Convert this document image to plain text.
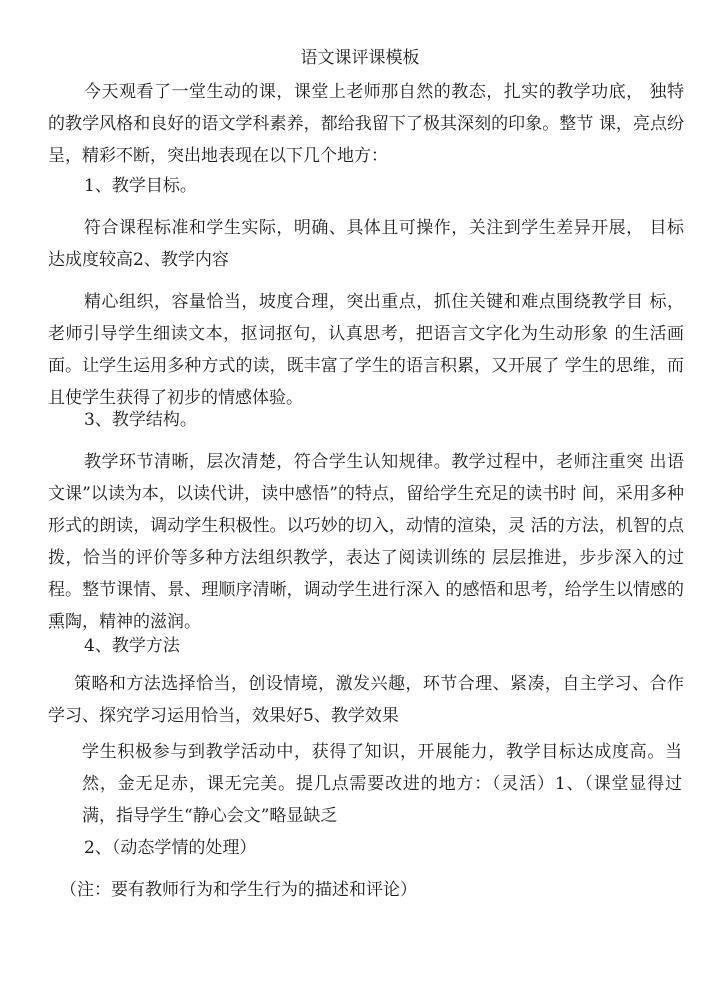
语文课评课模板

今天观看了一堂生动的课，课堂上老师那自然的教态，扎实的教学功底， 独特的教学风格和良好的语文学科素养，都给我留下了极其深刻的印象。整节 课，亮点纷呈，精彩不断，突出地表现在以下几个地方：

1、教学目标。

符合课程标准和学生实际，明确、具体且可操作，关注到学生差异开展， 目标达成度较高2、教学内容

精心组织，容量恰当，坡度合理，突出重点，抓住关键和难点围绕教学目 标，老师引导学生细读文本，抠词抠句，认真思考，把语言文字化为生动形象 的生活画面。让学生运用多种方式的读，既丰富了学生的语言积累，又开展了 学生的思维，而且使学生获得了初步的情感体验。

3、教学结构。

教学环节清晰，层次清楚，符合学生认知规律。教学过程中，老师注重突 出语文课”以读为本，以读代讲，读中感悟”的特点，留给学生充足的读书时 间，采用多种形式的朗读，调动学生积极性。以巧妙的切入，动情的渲染，灵 活的方法，机智的点拨，恰当的评价等多种方法组织教学，表达了阅读训练的 层层推进，步步深入的过程。整节课情、景、理顺序清晰，调动学生进行深入 的感悟和思考，给学生以情感的熏陶，精神的滋润。

4、教学方法

策略和方法选择恰当，创设情境，激发兴趣，环节合理、紧凑，自主学习、合作学习、探究学习运用恰当，效果好5、教学效果

学生积极参与到教学活动中，获得了知识，开展能力，教学目标达成度高。当然，金无足赤，课无完美。提几点需要改进的地方：（灵活）1、（课堂显得过满，指导学生“静心会文”略显缺乏

2、（动态学情的处理）

（注：要有教师行为和学生行为的描述和评论）
